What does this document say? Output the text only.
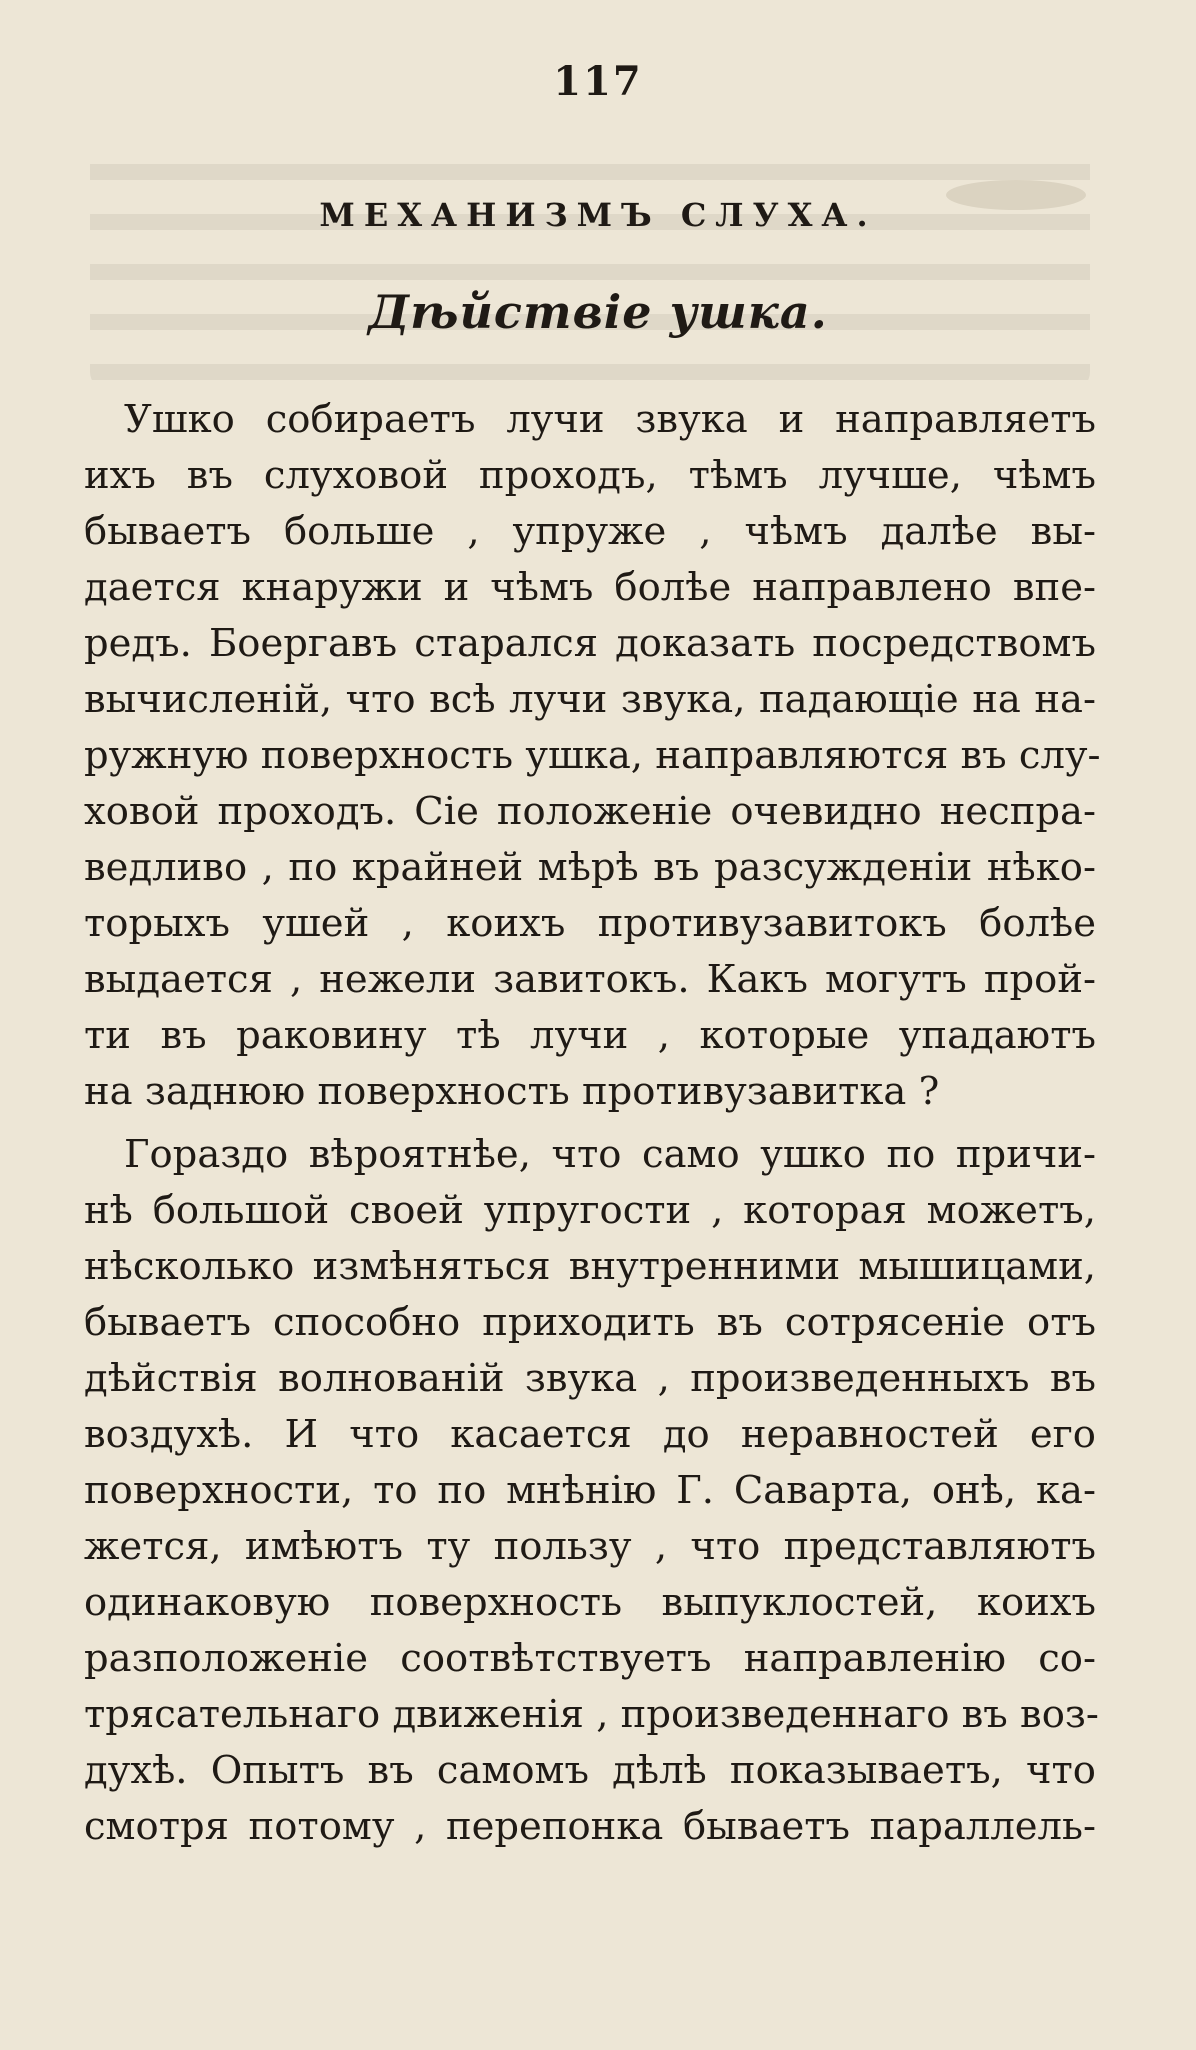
117
МЕХАНИЗМЪ СЛУХА.
Дѣйствіе ушка.
Ушко собираетъ лучи звука и направляетъ
ихъ въ слуховой проходъ, тѣмъ лучше, чѣмъ
бываетъ больше , упруже , чѣмъ далѣе вы-
дается кнаружи и чѣмъ болѣе направлено впе-
редъ. Боергавъ старался доказать посредствомъ
вычисленій, что всѣ лучи звука, падающіе на на-
ружную поверхность ушка, направляются въ слу-
ховой проходъ. Сіе положеніе очевидно неспра-
ведливо , по крайней мѣрѣ въ разсужденіи нѣко-
торыхъ ушей , коихъ противузавитокъ болѣе
выдается , нежели завитокъ. Какъ могутъ прой-
ти въ раковину тѣ лучи , которые упадаютъ
на заднюю поверхность противузавитка ?
Гораздо вѣроятнѣе, что само ушко по причи-
нѣ большой своей упругости , которая можетъ,
нѣсколько измѣняться внутренними мышицами,
бываетъ способно приходить въ сотрясеніе отъ
дѣйствія волнованій звука , произведенныхъ въ
воздухѣ. И что касается до неравностей его
поверхности, то по мнѣнію Г. Саварта, онѣ, ка-
жется, имѣютъ ту пользу , что представляютъ
одинаковую поверхность выпуклостей, коихъ
разположеніе соотвѣтствуетъ направленію со-
трясательнаго движенія , произведеннаго въ воз-
духѣ. Опытъ въ самомъ дѣлѣ показываетъ, что
смотря потому , перепонка бываетъ параллель-
